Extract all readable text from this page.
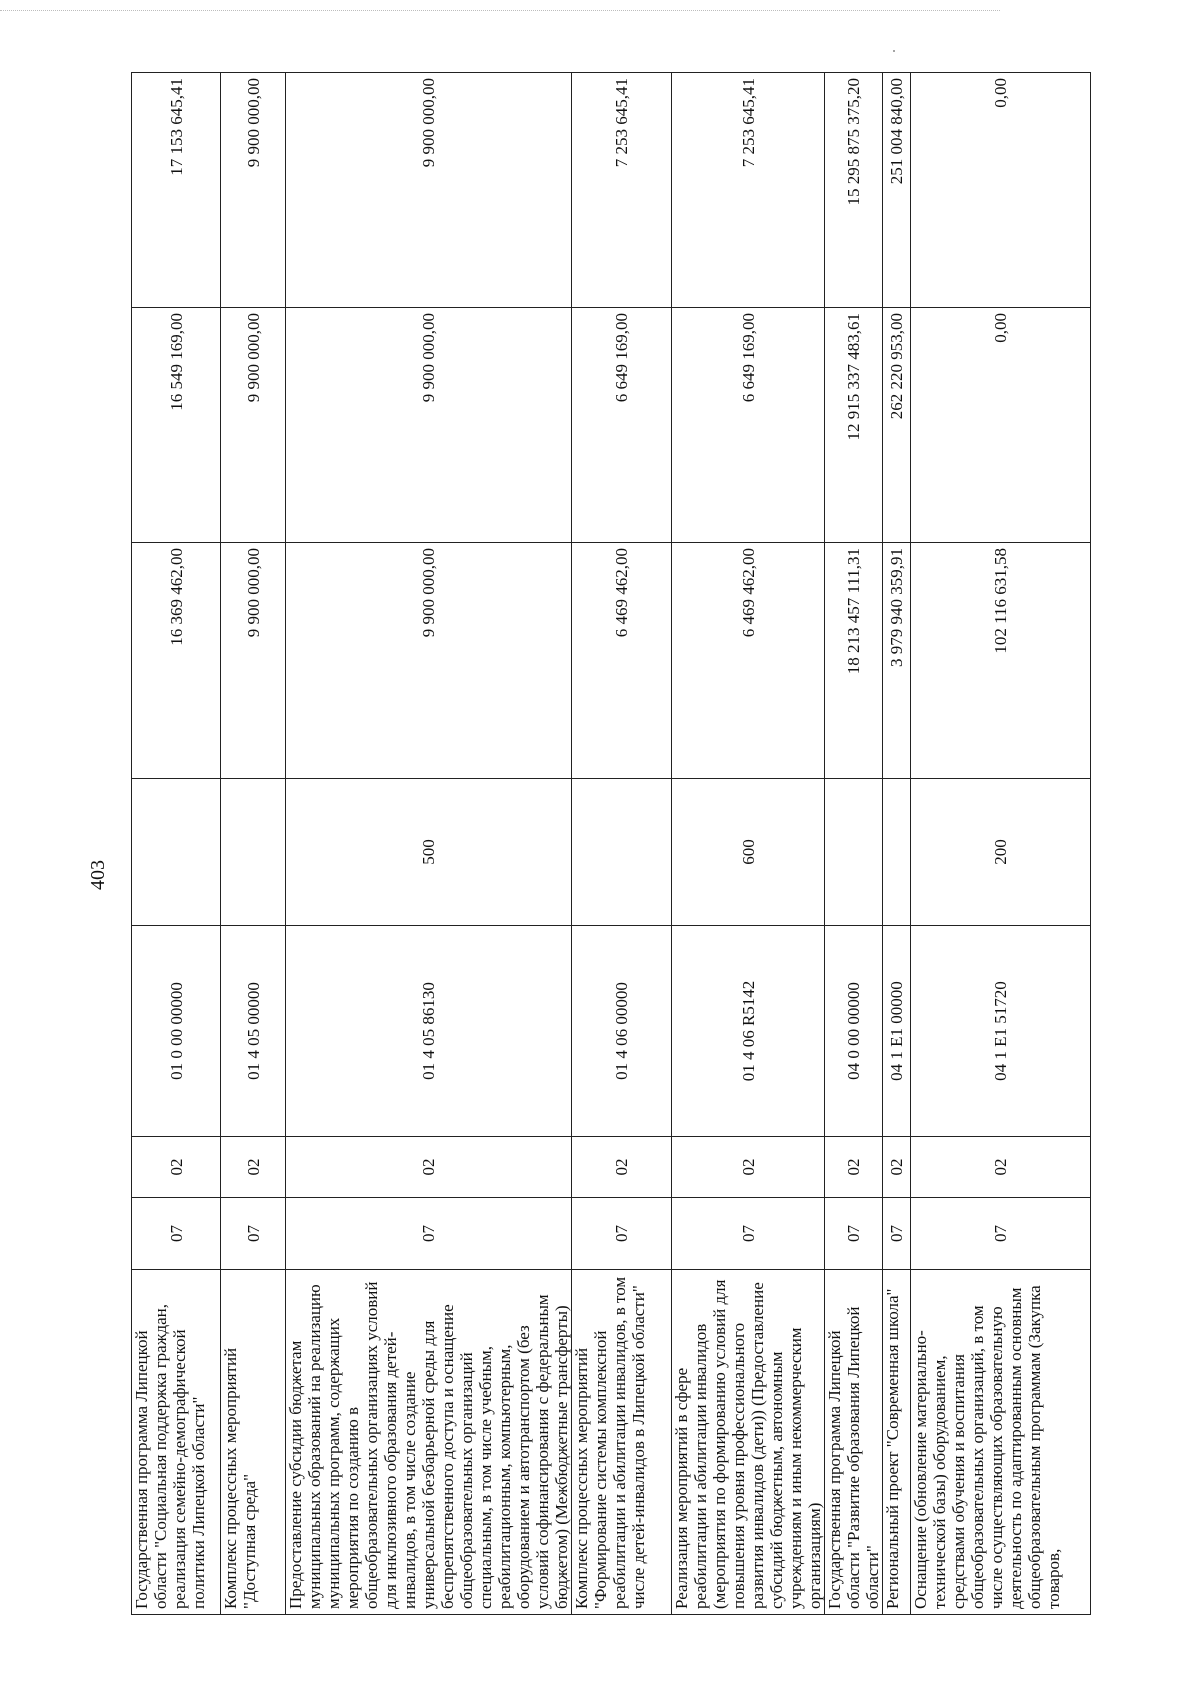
403
Государственная программа Липецкой области "Социальная поддержка граждан, реализация семейно-демографической политики Липецкой области"	07	02	01 0 00 00000		16 369 462,00	16 549 169,00	17 153 645,41
Комплекс процессных мероприятий "Доступная среда"	07	02	01 4 05 00000		9 900 000,00	9 900 000,00	9 900 000,00
Предоставление субсидии бюджетам муниципальных образований на реализацию муниципальных программ, содержащих мероприятия по созданию в общеобразовательных организациях условий для инклюзивного образования детей-инвалидов, в том числе создание универсальной безбарьерной среды для беспрепятственного доступа и оснащение общеобразовательных организаций специальным, в том числе учебным, реабилитационным, компьютерным, оборудованием и автотранспортом (без условий софинансирования с федеральным бюджетом) (Межбюджетные трансферты)	07	02	01 4 05 86130	500	9 900 000,00	9 900 000,00	9 900 000,00
Комплекс процессных мероприятий "Формирование системы комплексной реабилитации и абилитации инвалидов, в том числе детей-инвалидов в Липецкой области"	07	02	01 4 06 00000		6 469 462,00	6 649 169,00	7 253 645,41
Реализация мероприятий в сфере реабилитации и абилитации инвалидов (мероприятия по формированию условий для повышения уровня профессионального развития инвалидов (дети)) (Предоставление субсидий бюджетным, автономным учреждениям и иным некоммерческим организациям)	07	02	01 4 06 R5142	600	6 469 462,00	6 649 169,00	7 253 645,41
Государственная программа Липецкой области "Развитие образования Липецкой области"	07	02	04 0 00 00000		18 213 457 111,31	12 915 337 483,61	15 295 875 375,20
Региональный проект "Современная школа"	07	02	04 1 E1 00000		3 979 940 359,91	262 220 953,00	251 004 840,00
Оснащение (обновление материально-технической базы) оборудованием, средствами обучения и воспитания общеобразовательных организаций, в том числе осуществляющих образовательную деятельность по адаптированным основным общеобразовательным программам (Закупка товаров,	07	02	04 1 E1 51720	200	102 116 631,58	0,00	0,00
